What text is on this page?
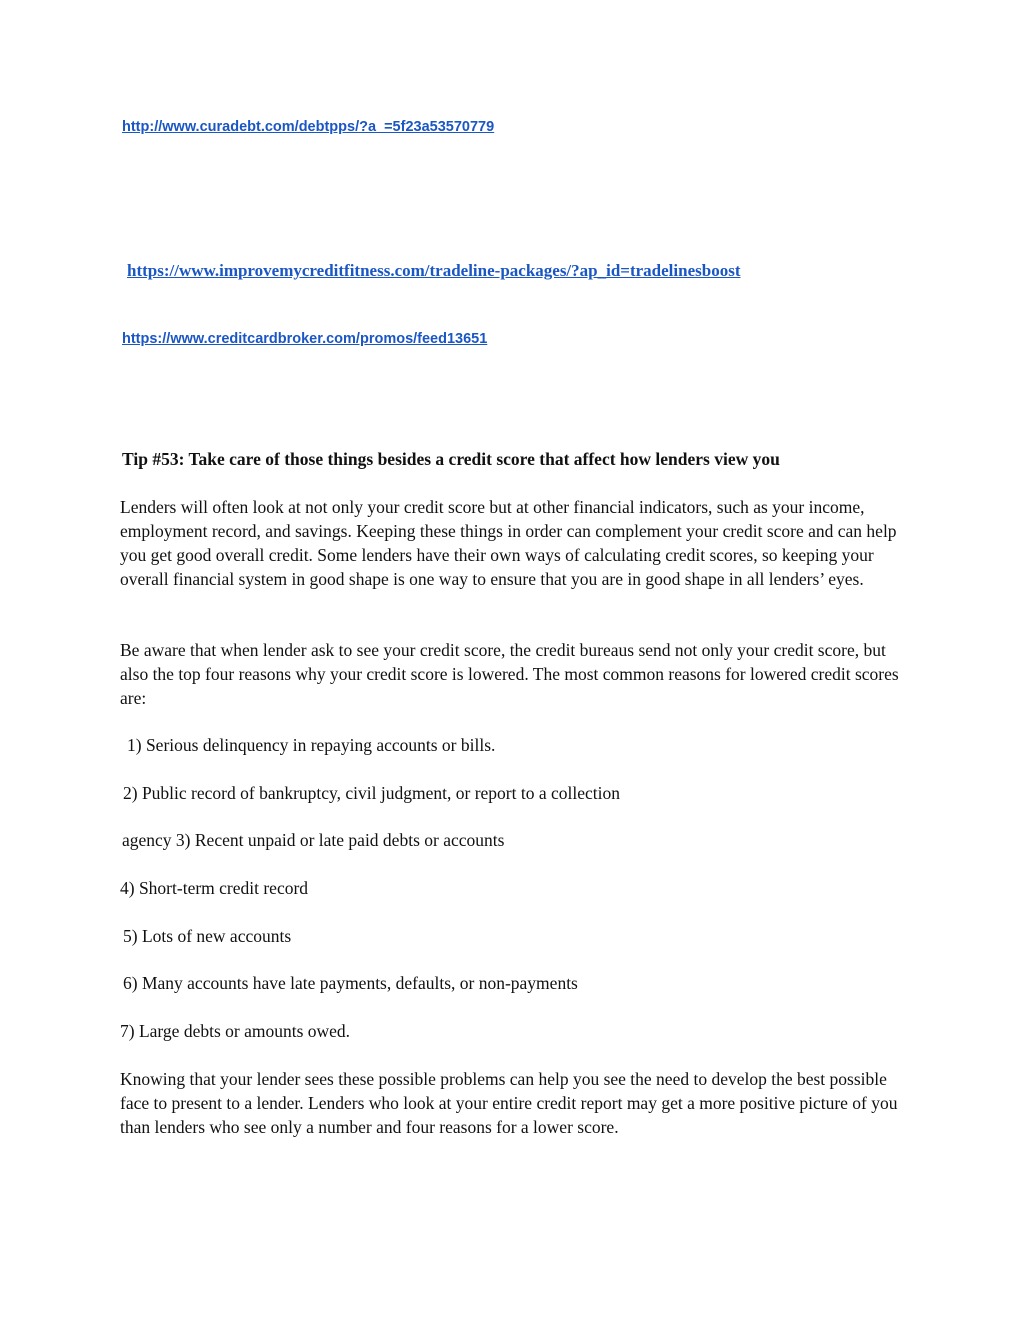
http://www.curadebt.com/debtpps/?a_=5f23a53570779
https://www.improvemycreditfitness.com/tradeline-packages/?ap_id=tradelinesboost
https://www.creditcardbroker.com/promos/feed13651
Tip #53: Take care of those things besides a credit score that affect how lenders view you

Lenders will often look at not only your credit score but at other financial indicators, such as your income, employment record, and savings. Keeping these things in order can complement your credit score and can help you get good overall credit. Some lenders have their own ways of calculating credit scores, so keeping your overall financial system in good shape is one way to ensure that you are in good shape in all lenders’ eyes.

Be aware that when lender ask to see your credit score, the credit bureaus send not only your credit score, but also the top four reasons why your credit score is lowered. The most common reasons for lowered credit scores are:

1) Serious delinquency in repaying accounts or bills.
2) Public record of bankruptcy, civil judgment, or report to a collection
agency 3) Recent unpaid or late paid debts or accounts
4) Short-term credit record
5) Lots of new accounts
6) Many accounts have late payments, defaults, or non-payments
7) Large debts or amounts owed.

Knowing that your lender sees these possible problems can help you see the need to develop the best possible face to present to a lender. Lenders who look at your entire credit report may get a more positive picture of you than lenders who see only a number and four reasons for a lower score.
